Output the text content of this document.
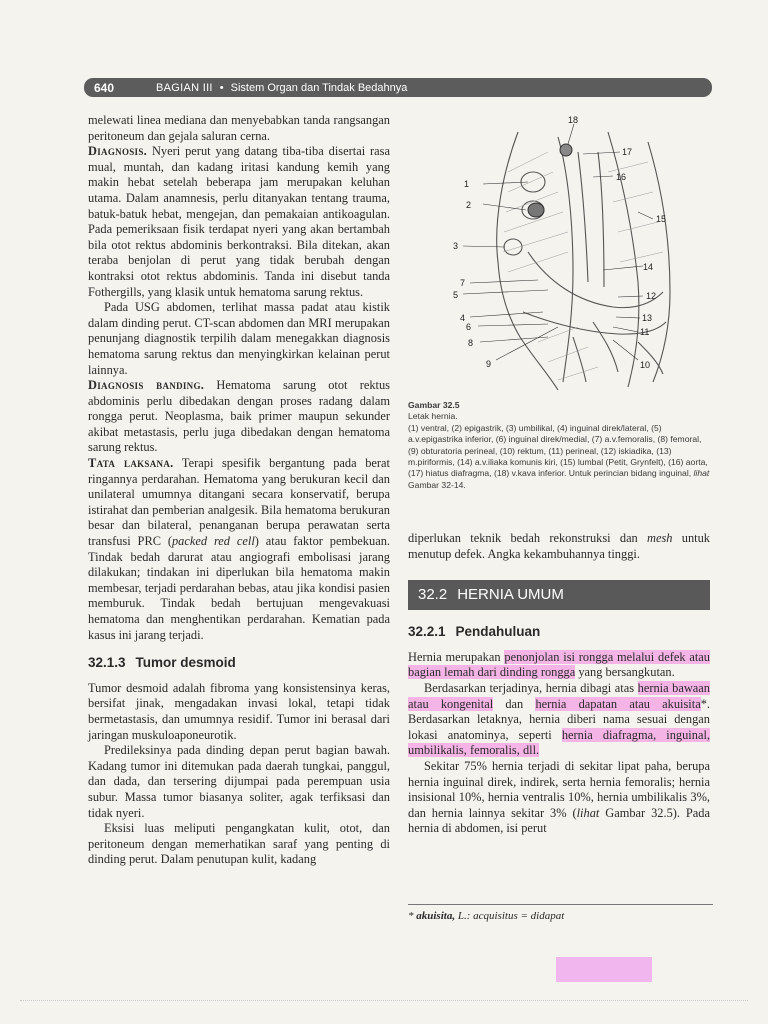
640	BAGIAN III • Sistem Organ dan Tindak Bedahnya

melewati linea mediana dan menyebabkan tanda rangsangan peritoneum dan gejala saluran cerna.

Diagnosis. Nyeri perut yang datang tiba-tiba disertai rasa mual, muntah, dan kadang iritasi kandung kemih yang makin hebat setelah beberapa jam merupakan keluhan utama. Dalam anamnesis, perlu ditanyakan tentang trauma, batuk-batuk hebat, mengejan, dan pemakaian antikoagulan. Pada pemeriksaan fisik terdapat nyeri yang akan bertambah bila otot rektus abdominis berkontraksi. Bila ditekan, akan teraba benjolan di perut yang tidak berubah dengan kontraksi otot rektus abdominis. Tanda ini disebut tanda Fothergills, yang klasik untuk hematoma sarung rektus.

Pada USG abdomen, terlihat massa padat atau kistik dalam dinding perut. CT-scan abdomen dan MRI merupakan penunjang diagnostik terpilih dalam menegakkan diagnosis hematoma sarung rektus dan menyingkirkan kelainan perut lainnya.

Diagnosis banding. Hematoma sarung otot rektus abdominis perlu dibedakan dengan proses radang dalam rongga perut. Neoplasma, baik primer maupun sekunder akibat metastasis, perlu juga dibedakan dengan hematoma sarung rektus.

Tata laksana. Terapi spesifik bergantung pada berat ringannya perdarahan. Hematoma yang berukuran kecil dan unilateral umumnya ditangani secara konservatif, berupa istirahat dan pemberian analgesik. Bila hematoma berukuran besar dan bilateral, penanganan berupa perawatan serta transfusi PRC (packed red cell) atau faktor pembekuan. Tindak bedah darurat atau angiografi embolisasi jarang dilakukan; tindakan ini diperlukan bila hematoma makin membesar, terjadi perdarahan bebas, atau jika kondisi pasien memburuk. Tindak bedah bertujuan mengevakuasi hematoma dan menghentikan perdarahan. Kematian pada kasus ini jarang terjadi.

32.1.3 Tumor desmoid

Tumor desmoid adalah fibroma yang konsistensinya keras, bersifat jinak, mengadakan invasi lokal, tetapi tidak bermetastasis, dan umumnya residif. Tumor ini berasal dari jaringan muskuloaponeurotik.

Predileksinya pada dinding depan perut bagian bawah. Kadang tumor ini ditemukan pada daerah tungkai, panggul, dan dada, dan tersering dijumpai pada perempuan usia subur. Massa tumor biasanya soliter, agak terfiksasi dan tidak nyeri.

Eksisi luas meliputi pengangkatan kulit, otot, dan peritoneum dengan memerhatikan saraf yang penting di dinding perut. Dalam penutupan kulit, kadang

1
2
3
4
5
6
7
8
9	10
11
12
13
14
15
16
17
18
Gambar 32.5
Letak hernia.
(1) ventral, (2) epigastrik, (3) umbilikal, (4) inguinal direk/lateral, (5) a.v.epigastrika inferior, (6) inguinal direk/medial, (7) a.v.femoralis, (8) femoral, (9) obturatoria perineal, (10) rektum, (11) perineal, (12) iskiadika, (13) m.piriformis, (14) a.v.iliaka komunis kiri, (15) lumbal (Petit, Grynfelt), (16) aorta, (17) hiatus diafragma, (18) v.kava inferior. Untuk perincian bidang inguinal, lihat Gambar 32-14.

diperlukan teknik bedah rekonstruksi dan mesh untuk menutup defek. Angka kekambuhannya tinggi.

32.2 HERNIA UMUM
32.2.1 Pendahuluan

Hernia merupakan penonjolan isi rongga melalui defek atau bagian lemah dari dinding rongga yang bersangkutan.

Berdasarkan terjadinya, hernia dibagi atas hernia bawaan atau kongenital dan hernia dapatan atau akuisita*. Berdasarkan letaknya, hernia diberi nama sesuai dengan lokasi anatominya, seperti hernia diafragma, inguinal, umbilikalis, femoralis, dll.

Sekitar 75% hernia terjadi di sekitar lipat paha, berupa hernia inguinal direk, indirek, serta hernia femoralis; hernia insisional 10%, hernia ventralis 10%, hernia umbilikalis 3%, dan hernia lainnya sekitar 3% (lihat Gambar 32.5). Pada hernia di abdomen, isi perut

* akuisita, L.: acquisitus = didapat
